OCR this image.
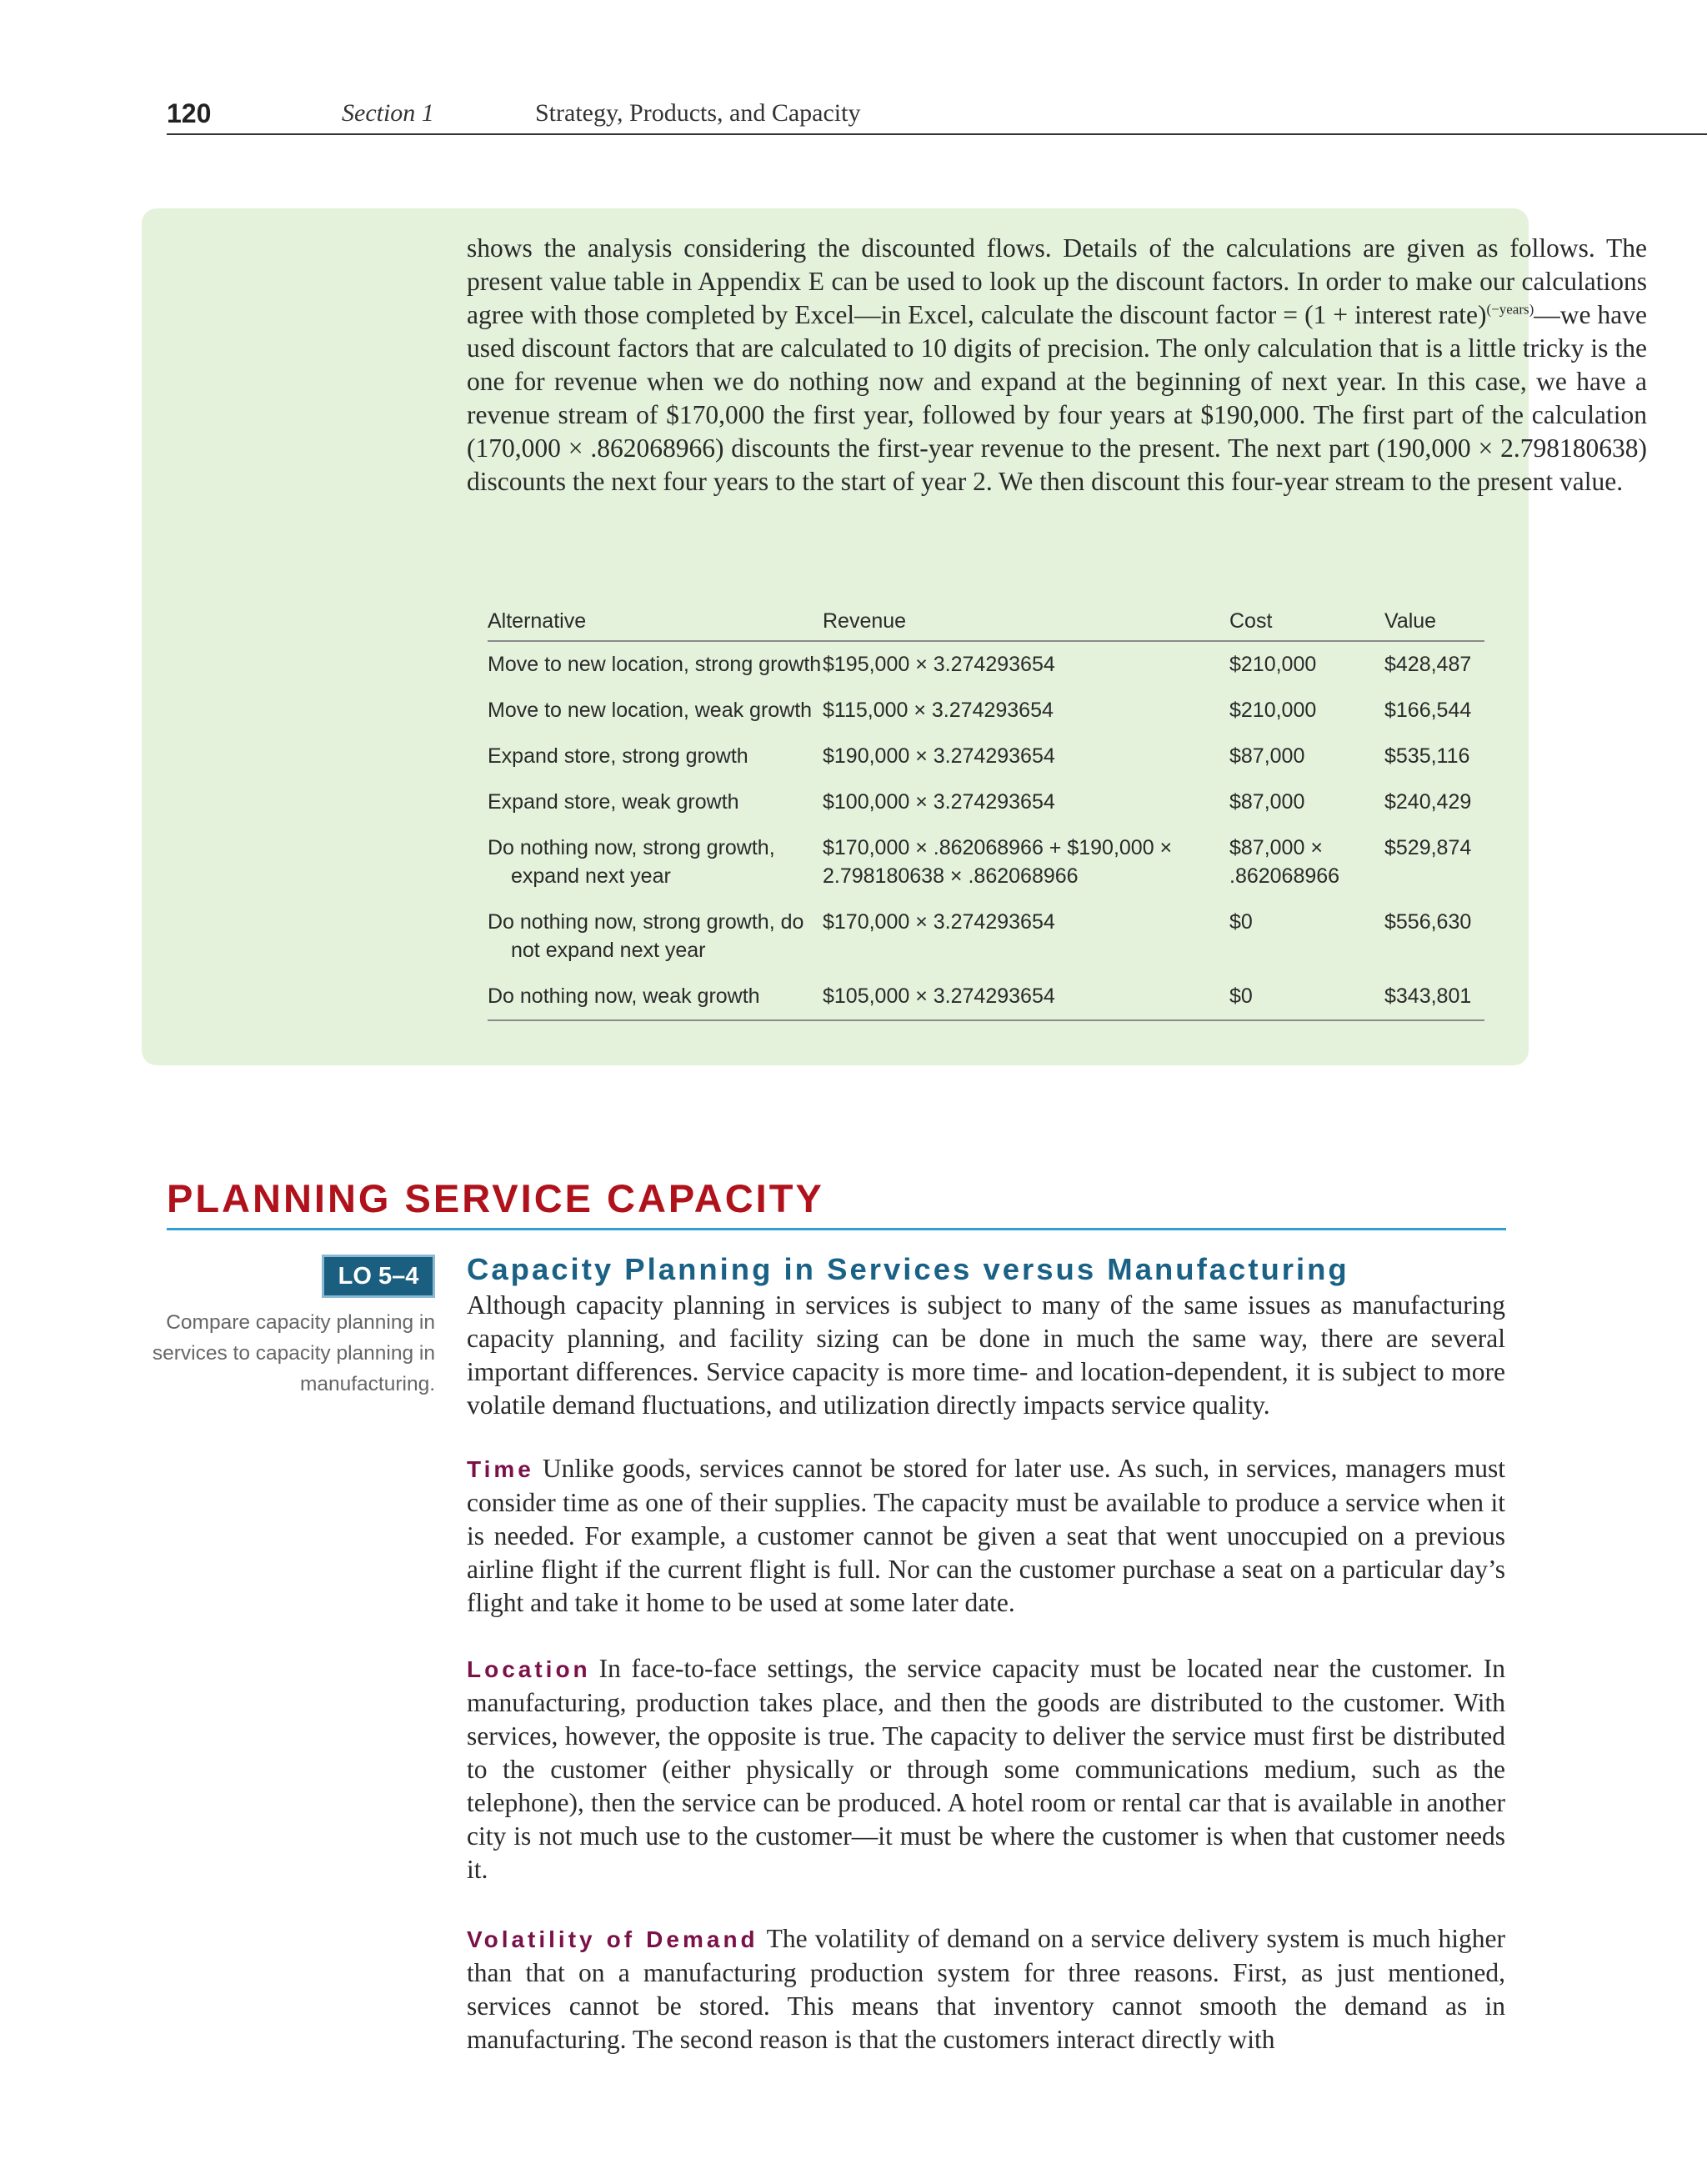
120	Section 1	Strategy, Products, and Capacity
shows the analysis considering the discounted flows. Details of the calculations are given as follows. The present value table in Appendix E can be used to look up the discount factors. In order to make our calculations agree with those completed by Excel—in Excel, calculate the discount factor = (1 + interest rate)$^{(-years)}$—we have used discount factors that are calculated to 10 digits of precision. The only calculation that is a little tricky is the one for revenue when we do nothing now and expand at the beginning of next year. In this case, we have a revenue stream of $170,000 the first year, followed by four years at $190,000. The first part of the calculation (170,000 × .862068966) discounts the first-year revenue to the present. The next part (190,000 × 2.798180638) discounts the next four years to the start of year 2. We then discount this four-year stream to the present value.
Alternative	Revenue	Cost	Value
Move to new location, strong growth	$195,000 × 3.274293654	$210,000	$428,487
Move to new location, weak growth	$115,000 × 3.274293654	$210,000	$166,544
Expand store, strong growth	$190,000 × 3.274293654	$87,000	$535,116
Expand store, weak growth	$100,000 × 3.274293654	$87,000	$240,429
Do nothing now, strong growth, expand next year	$170,000 × .862068966 + $190,000 × 2.798180638 × .862068966	$87,000 × .862068966	$529,874
Do nothing now, strong growth, do not expand next year	$170,000 × 3.274293654	$0	$556,630
Do nothing now, weak growth	$105,000 × 3.274293654	$0	$343,801
PLANNING SERVICE CAPACITY
LO 5–4
Compare capacity planning in services to capacity planning in manufacturing.
Capacity Planning in Services versus Manufacturing
Although capacity planning in services is subject to many of the same issues as manufacturing capacity planning, and facility sizing can be done in much the same way, there are several important differences. Service capacity is more time- and location-dependent, it is subject to more volatile demand fluctuations, and utilization directly impacts service quality.
Time Unlike goods, services cannot be stored for later use. As such, in services, managers must consider time as one of their supplies. The capacity must be available to produce a service when it is needed. For example, a customer cannot be given a seat that went unoccupied on a previous airline flight if the current flight is full. Nor can the customer purchase a seat on a particular day’s flight and take it home to be used at some later date.
Location In face-to-face settings, the service capacity must be located near the customer. In manufacturing, production takes place, and then the goods are distributed to the customer. With services, however, the opposite is true. The capacity to deliver the service must first be distributed to the customer (either physically or through some communications medium, such as the telephone), then the service can be produced. A hotel room or rental car that is available in another city is not much use to the customer—it must be where the customer is when that customer needs it.
Volatility of Demand The volatility of demand on a service delivery system is much higher than that on a manufacturing production system for three reasons. First, as just mentioned, services cannot be stored. This means that inventory cannot smooth the demand as in manufacturing. The second reason is that the customers interact directly with
